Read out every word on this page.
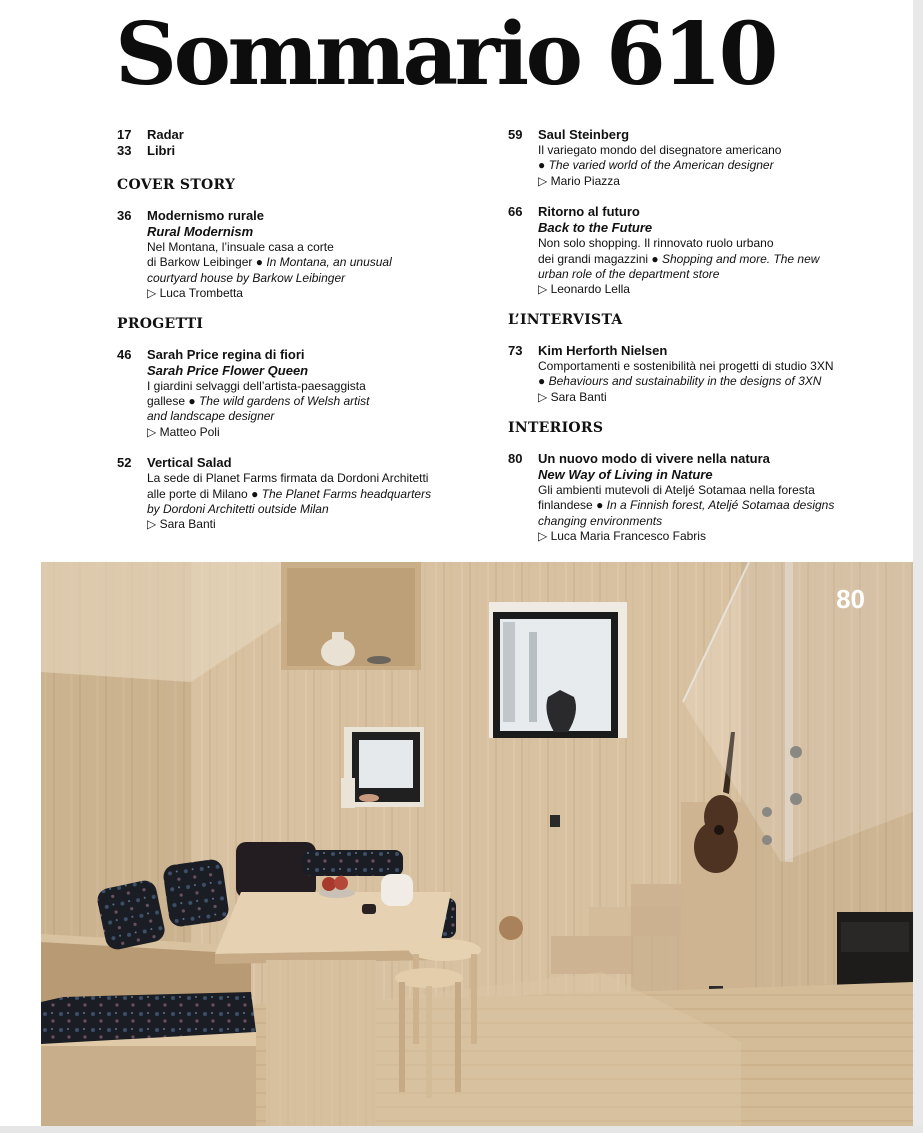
Sommario 610
17 Radar
33 Libri
COVER STORY
36 Modernismo rurale
Rural Modernism
Nel Montana, l’insuale casa a corte
di Barkow Leibinger ● In Montana, an unusual
courtyard house by Barkow Leibinger
▷ Luca Trombetta
PROGETTI
46 Sarah Price regina di fiori
Sarah Price Flower Queen
I giardini selvaggi dell’artista-paesaggista
gallese ● The wild gardens of Welsh artist
and landscape designer
▷ Matteo Poli
52 Vertical Salad
La sede di Planet Farms firmata da Dordoni Architetti
alle porte di Milano ● The Planet Farms headquarters
by Dordoni Architetti outside Milan
▷ Sara Banti
59 Saul Steinberg
Il variegato mondo del disegnatore americano
● The varied world of the American designer
▷ Mario Piazza
66 Ritorno al futuro
Back to the Future
Non solo shopping. Il rinnovato ruolo urbano
dei grandi magazzini ● Shopping and more. The new
urban role of the department store
▷ Leonardo Lella
L’INTERVISTA
73 Kim Herforth Nielsen
Comportamenti e sostenibilità nei progetti di studio 3XN
● Behaviours and sustainability in the designs of 3XN
▷ Sara Banti
INTERIORS
80 Un nuovo modo di vivere nella natura
New Way of Living in Nature
Gli ambienti mutevoli di Ateljé Sotamaa nella foresta
finlandese ● In a Finnish forest, Ateljé Sotamaa designs
changing environments
▷ Luca Maria Francesco Fabris
80
